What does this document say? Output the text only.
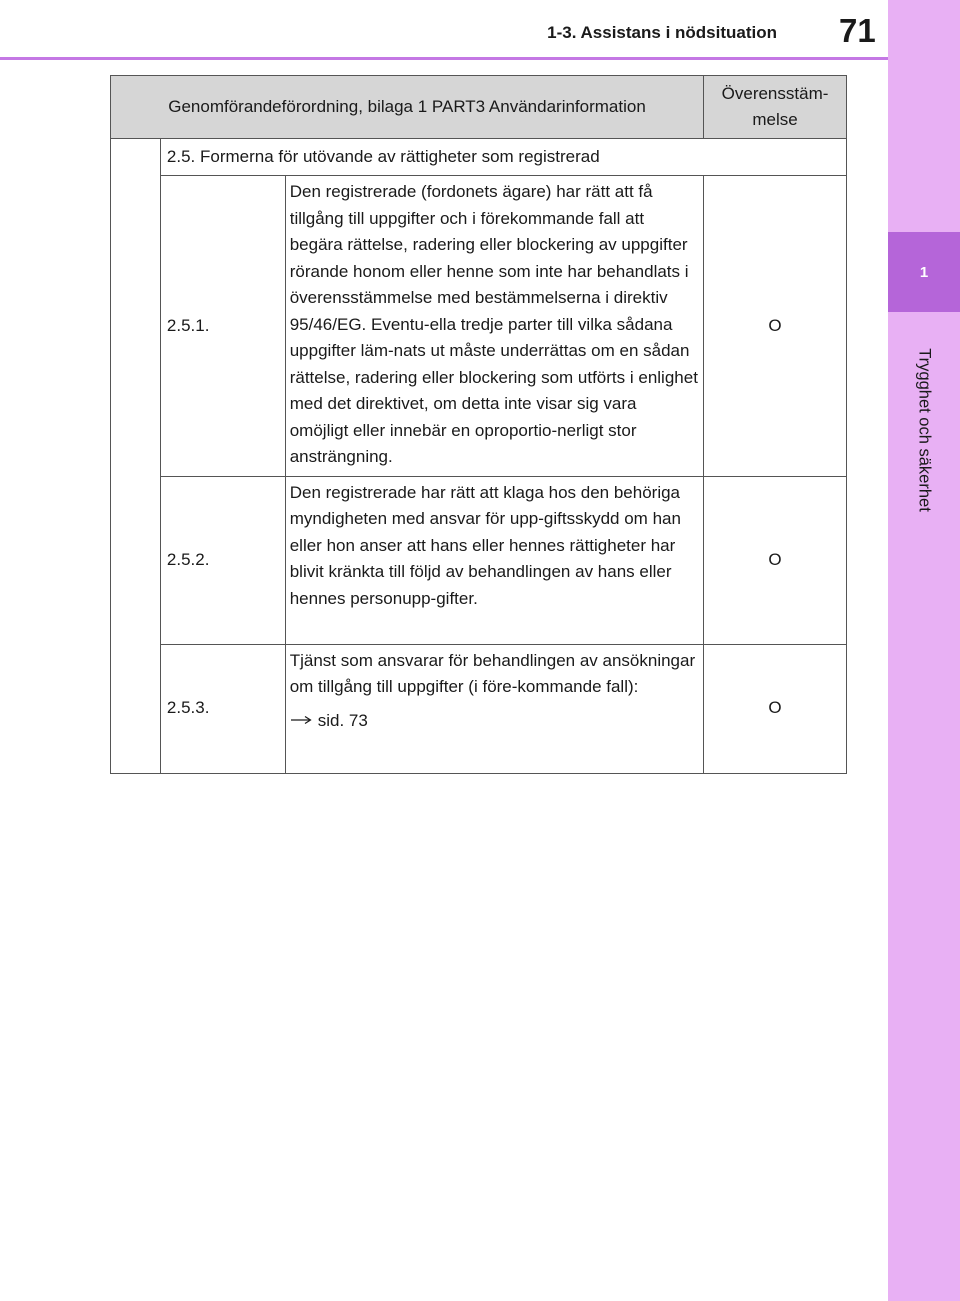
1
Trygghet och säkerhet
1-3. Assistans i nödsituation 71
Genomförandeförordning, bilaga 1 PART3 Användarinformation			Överensstäm-
melse
	2.5. Formerna för utövande av rättigheter som registrerad		
	2.5.1.	Den registrerade (fordonets ägare) har rätt att få tillgång till uppgifter och i förekommande fall att begära rättelse, radering eller blockering av uppgifter rörande honom eller henne som inte har behandlats i överensstämmelse med bestämmelserna i direktiv 95/46/EG. Eventu-ella tredje parter till vilka sådana uppgifter läm-nats ut måste underrättas om en sådan rättelse, radering eller blockering som utförts i enlighet med det direktivet, om detta inte visar sig vara omöjligt eller innebär en oproportio-nerligt stor ansträngning.	O
	2.5.2.	Den registrerade har rätt att klaga hos den behöriga myndigheten med ansvar för upp-giftsskydd om han eller hon anser att hans eller hennes rättigheter har blivit kränkta till följd av behandlingen av hans eller hennes personupp-gifter.	O
	2.5.3.	Tjänst som ansvarar för behandlingen av ansökningar om tillgång till uppgifter (i före-kommande fall):

sid. 73	O
